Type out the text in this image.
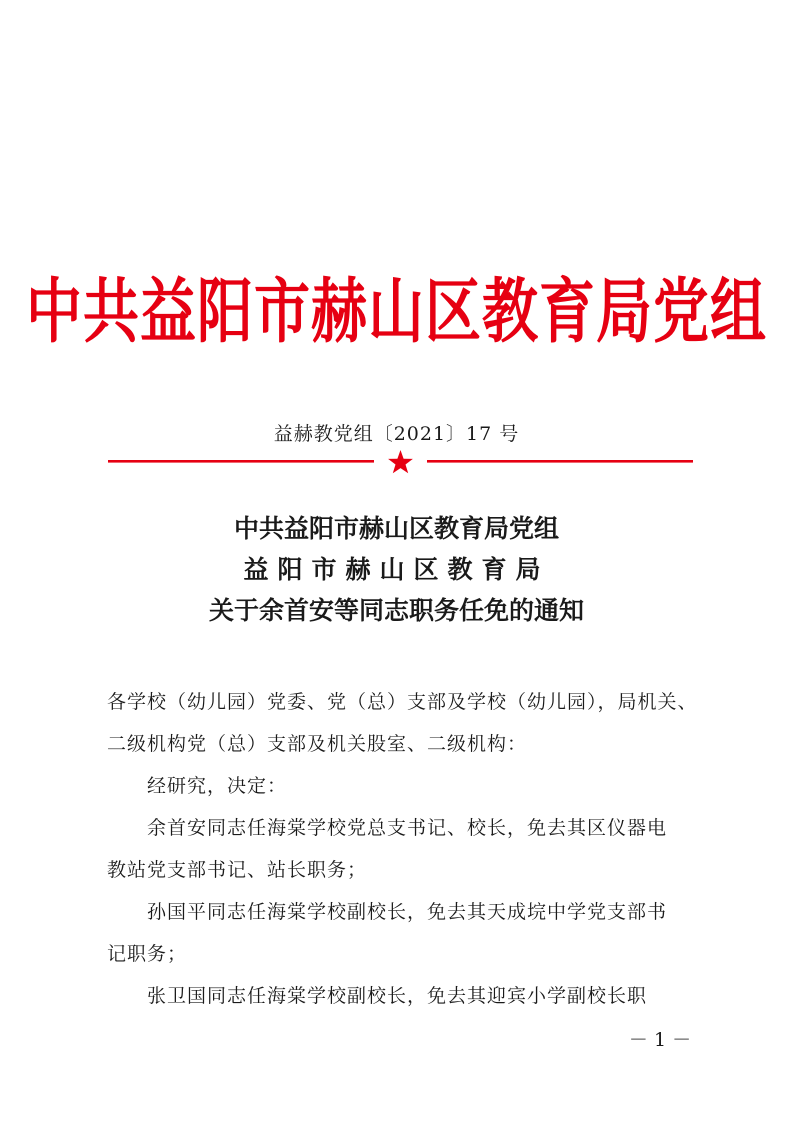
中共益阳市赫山区教育局党组
益赫教党组〔2021〕17 号
中共益阳市赫山区教育局党组
益阳市赫山区教育局
关于余首安等同志职务任免的通知
各学校（幼儿园）党委、党（总）支部及学校（幼儿园），局机关、
二级机构党（总）支部及机关股室、二级机构：
经研究，决定：
余首安同志任海棠学校党总支书记、校长，免去其区仪器电
教站党支部书记、站长职务；
孙国平同志任海棠学校副校长，免去其天成垸中学党支部书
记职务；
张卫国同志任海棠学校副校长，免去其迎宾小学副校长职
－ 1 －
